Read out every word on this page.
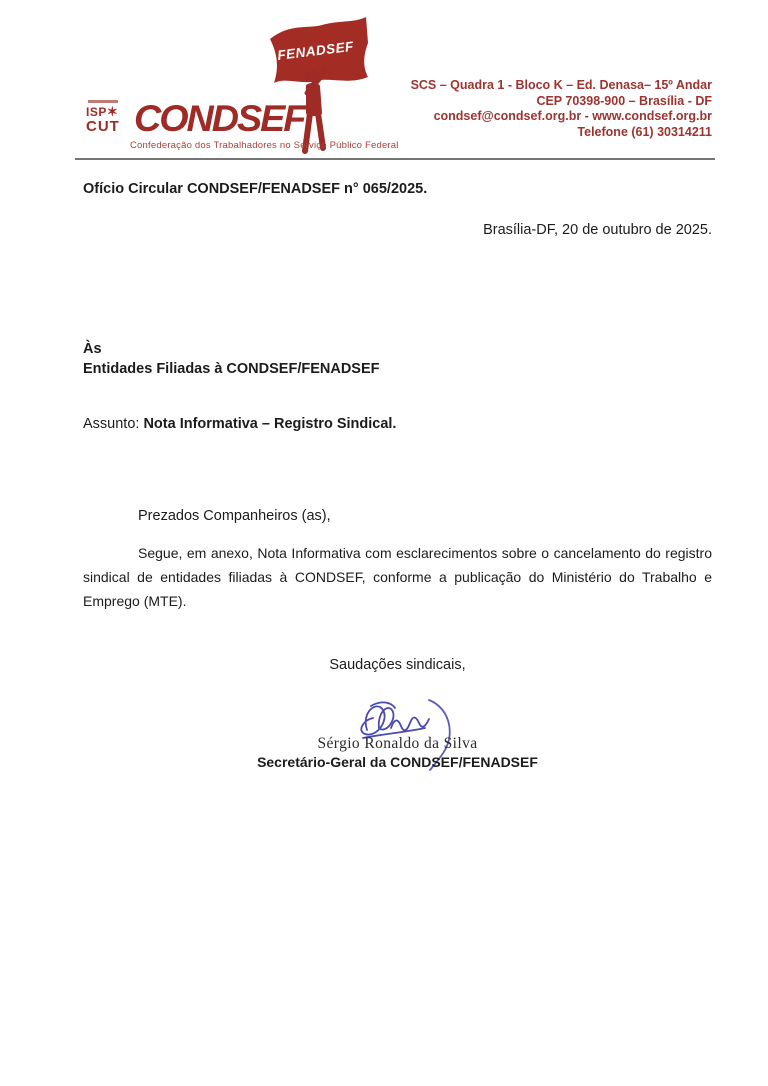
FENADSEF
ISP✶
CUT CONDSEF
Confederação dos Trabalhadores no Serviço Público Federal
SCS – Quadra 1 - Bloco K – Ed. Denasa– 15º Andar
CEP 70398-900 – Brasília - DF
condsef@condsef.org.br - www.condsef.org.br
Telefone (61) 30314211

Ofício Circular CONDSEF/FENADSEF n° 065/2025.

Brasília-DF, 20 de outubro de 2025.

Às
Entidades Filiadas à CONDSEF/FENADSEF

Assunto: Nota Informativa – Registro Sindical.

Prezados Companheiros (as),

Segue, em anexo, Nota Informativa com esclarecimentos sobre o cancelamento do registro sindical de entidades filiadas à CONDSEF, conforme a publicação do Ministério do Trabalho e Emprego (MTE).

Saudações sindicais,

Sérgio Ronaldo da Silva
Secretário-Geral da CONDSEF/FENADSEF
